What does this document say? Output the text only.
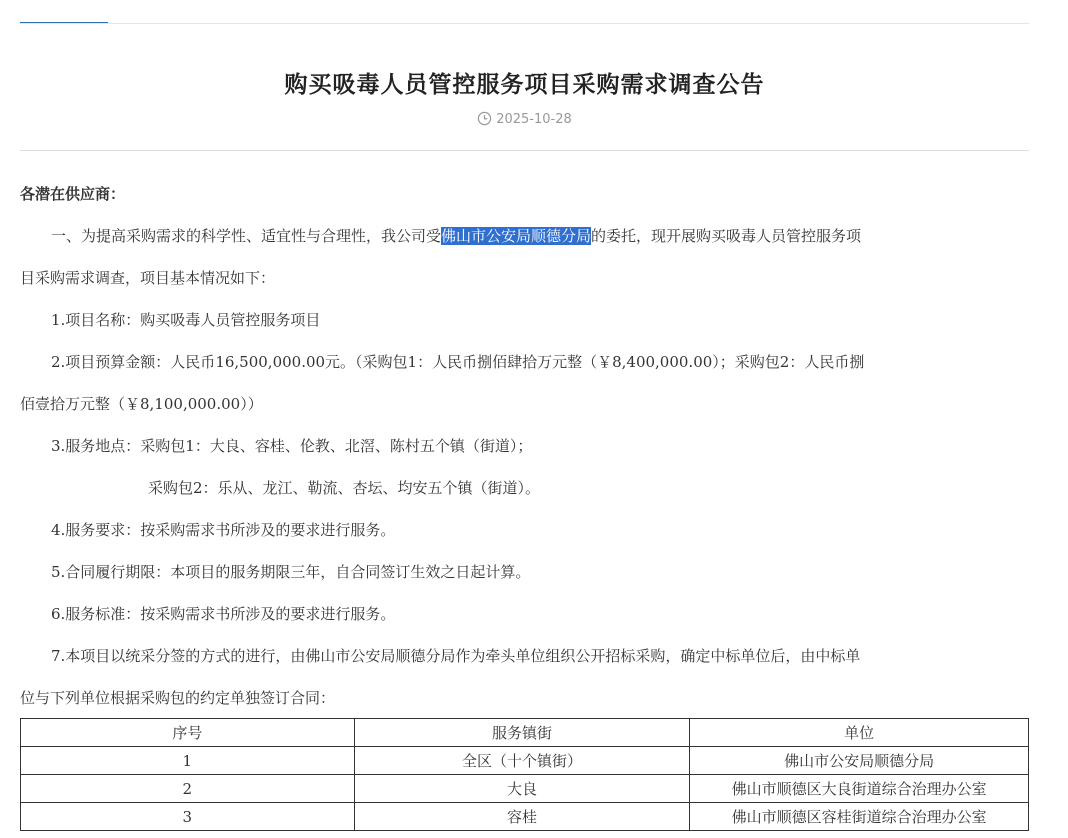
购买吸毒人员管控服务项目采购需求调查公告
2025-10-28
各潜在供应商：
一、为提高采购需求的科学性、适宜性与合理性，我公司受佛山市公安局顺德分局的委托，现开展购买吸毒人员管控服务项
目采购需求调查，项目基本情况如下：
1.项目名称：购买吸毒人员管控服务项目
2.项目预算金额：人民币16,500,000.00元。（采购包1：人民币捌佰肆拾万元整（￥8,400,000.00）；采购包2：人民币捌
佰壹拾万元整（￥8,100,000.00））
3.服务地点：采购包1：大良、容桂、伦教、北滘、陈村五个镇（街道）；
采购包2：乐从、龙江、勒流、杏坛、均安五个镇（街道）。
4.服务要求：按采购需求书所涉及的要求进行服务。
5.合同履行期限：本项目的服务期限三年，自合同签订生效之日起计算。
6.服务标准：按采购需求书所涉及的要求进行服务。
7.本项目以统采分签的方式的进行，由佛山市公安局顺德分局作为牵头单位组织公开招标采购，确定中标单位后，由中标单
位与下列单位根据采购包的约定单独签订合同：
序号	服务镇街	单位
1	全区（十个镇街）	佛山市公安局顺德分局
2	大良	佛山市顺德区大良街道综合治理办公室
3	容桂	佛山市顺德区容桂街道综合治理办公室
